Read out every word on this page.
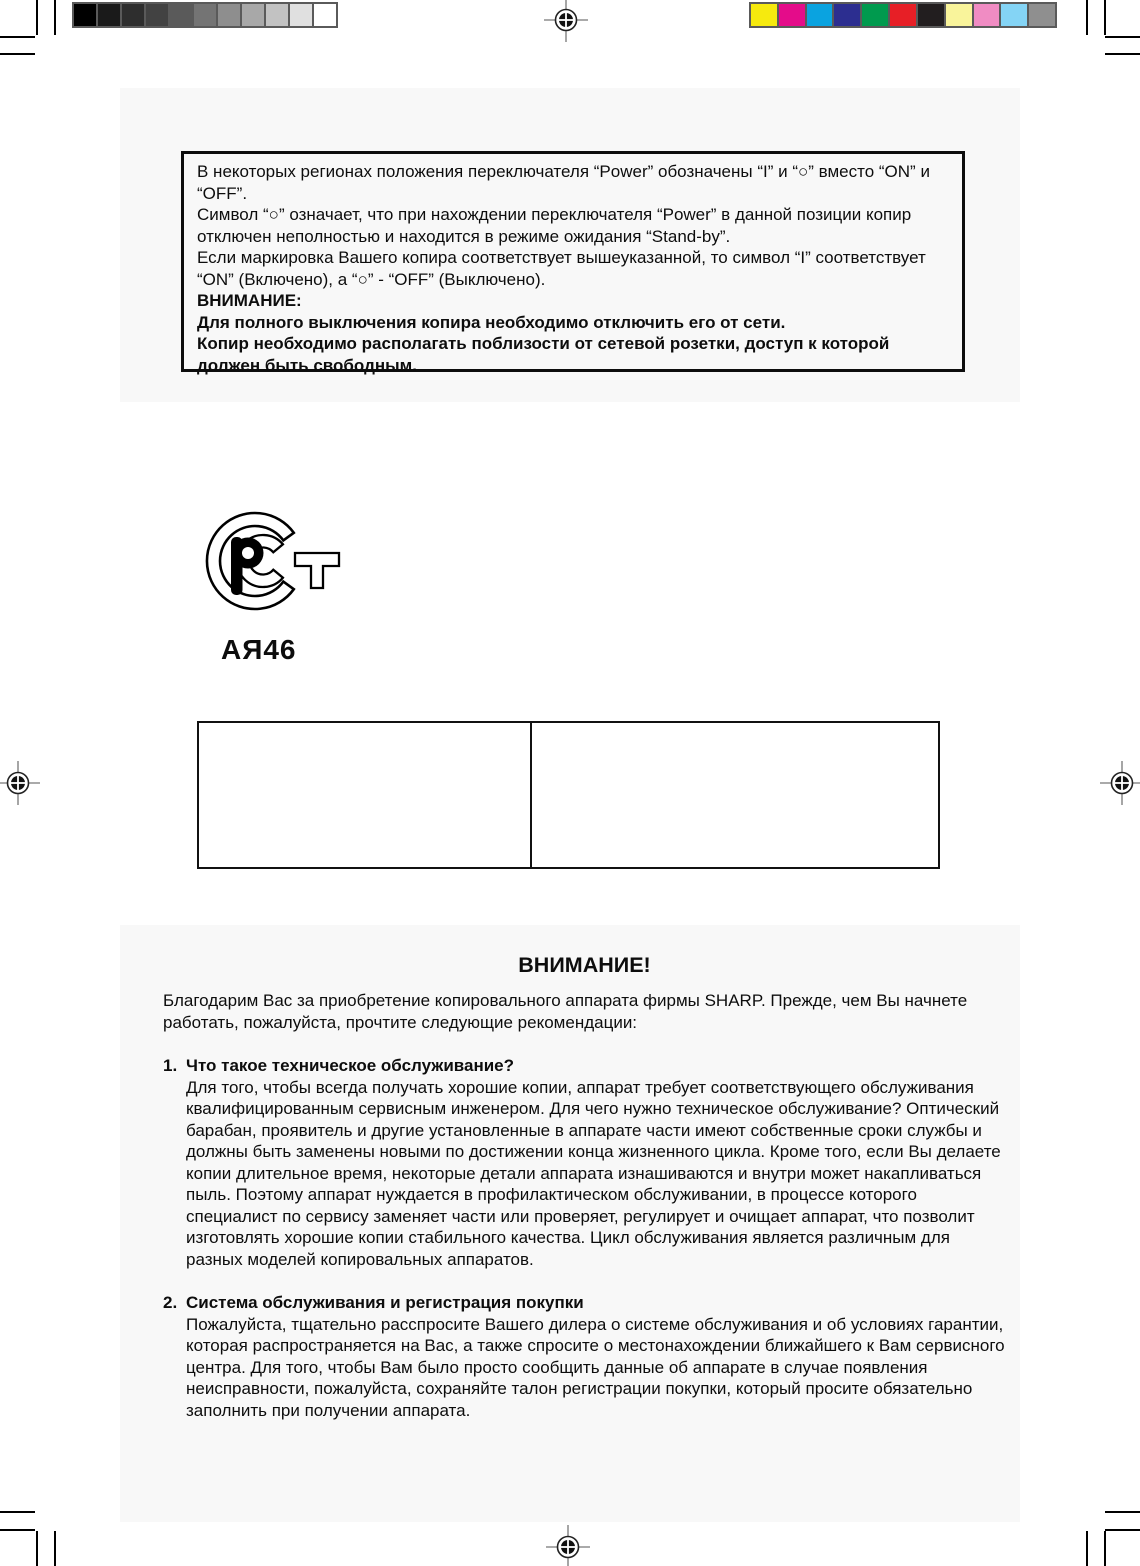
В некоторых регионах положения переключателя “Power” обозначены “I” и “○” вместо “ON” и “OFF”.

Символ “○” означает, что при нахождении переключателя “Power” в данной позиции копир отключен неполностью и находится в режиме ожидания “Stand-by”.

Если маркировка Вашего копира соответствует вышеуказанной, то символ “I” соответствует “ON” (Включено), а “○” - “OFF” (Выключено).

ВНИМАНИЕ:

Для полного выключения копира необходимо отключить его от сети.

Копир необходимо располагать поблизости от сетевой розетки, доступ к которой должен быть свободным.

АЯ46
ВНИМАНИЕ!

Благодарим Вас за приобретение копировального аппарата фирмы SHARP. Прежде, чем Вы начнете работать, пожалуйста, прочтите следующие рекомендации:

1. Что такое техническое обслуживание?

Для того, чтобы всегда получать хорошие копии, аппарат требует соответствующего обслуживания квалифицированным сервисным инженером. Для чего нужно техническое обслуживание? Оптический барабан, проявитель и другие установленные в аппарате части имеют собственные сроки службы и должны быть заменены новыми по достижении конца жизненного цикла. Кроме того, если Вы делаете копии длительное время, некоторые детали аппарата изнашиваются и внутри может накапливаться пыль. Поэтому аппарат нуждается в профилактическом обслуживании, в процессе которого специалист по сервису заменяет части или проверяет, регулирует и очищает аппарат, что позволит изготовлять хорошие копии стабильного качества. Цикл обслуживания является различным для разных моделей копировальных аппаратов.

2. Система обслуживания и регистрация покупки

Пожалуйста, тщательно расспросите Вашего дилера о системе обслуживания и об условиях гарантии, которая распространяется на Вас, а также спросите о местонахождении ближайшего к Вам сервисного центра. Для того, чтобы Вам было просто сообщить данные об аппарате в случае появления неисправности, пожалуйста, сохраняйте талон регистрации покупки, который просите обязательно заполнить при получении аппарата.
